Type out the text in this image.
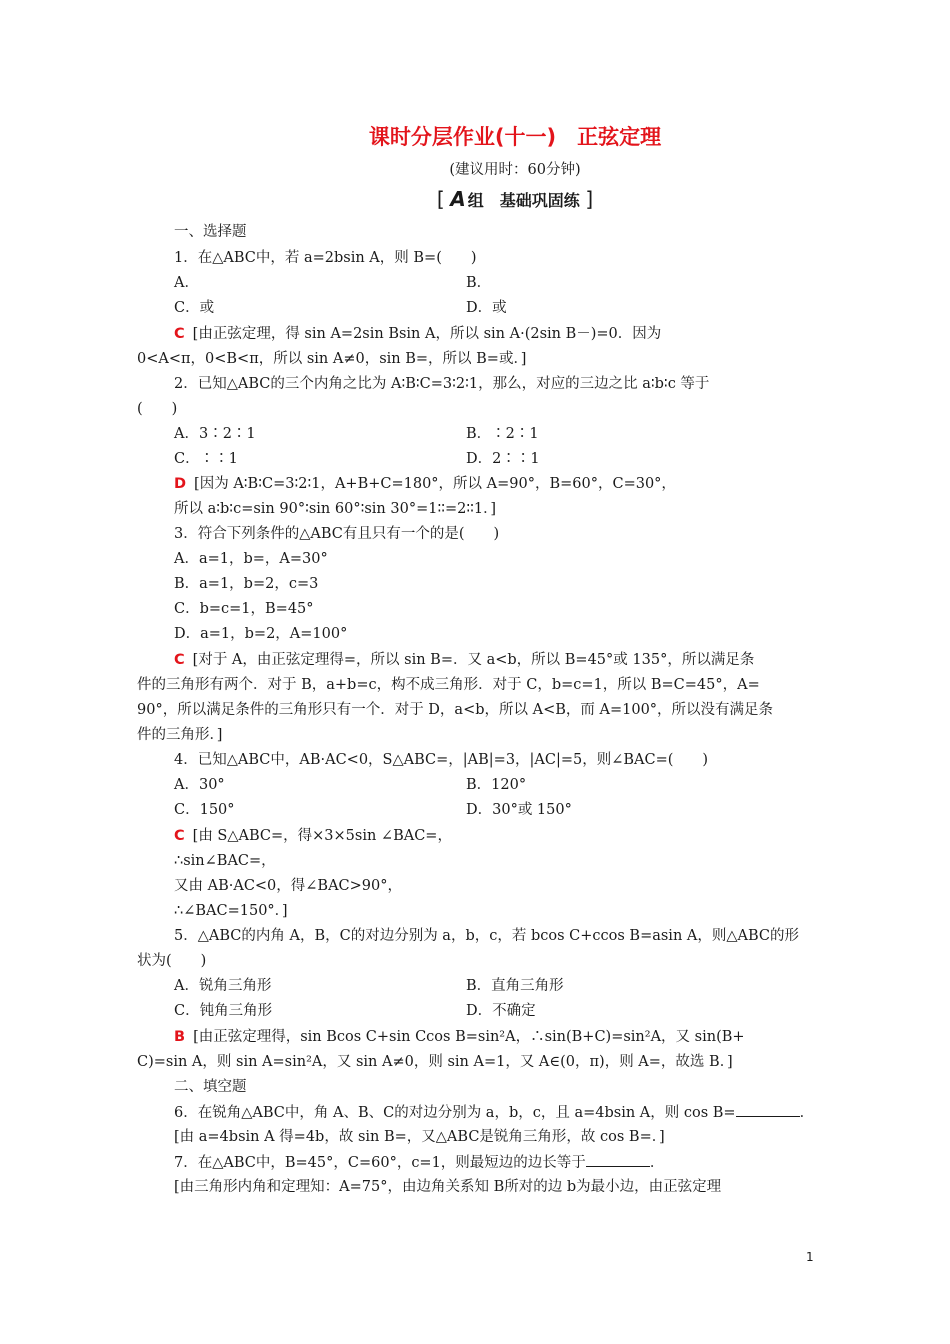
课时分层作业(十一)　正弦定理
(建议用时：60分钟)
[ A 组　基础巩固练 ]
一、选择题
1．在△ABC中，若 a=2bsin A，则 B=(　　)
A．	B．
C．或	D．或
C [由正弦定理，得 sin A=2sin Bsin A，所以 sin A·(2sin B－)=0．因为
0<A<π，0<B<π，所以 sin A≠0，sin B=，所以 B=或．]
2．已知△ABC的三个内角之比为 A∶B∶C=3∶2∶1，那么，对应的三边之比 a∶b∶c 等于
(　　)
A．3∶2∶1	B．∶2∶1
C．∶∶1	D．2∶∶1
D [因为 A∶B∶C=3∶2∶1，A+B+C=180°，所以 A=90°，B=60°，C=30°，
所以 a∶b∶c=sin 90°∶sin 60°∶sin 30°=1∶∶=2∶∶1．]
3．符合下列条件的△ABC有且只有一个的是(　　)
A．a=1，b=，A=30°
B．a=1，b=2，c=3
C．b=c=1，B=45°
D．a=1，b=2，A=100°
C [对于 A，由正弦定理得=，所以 sin B=．又 a<b，所以 B=45°或 135°，所以满足条
件的三角形有两个．对于 B，a+b=c，构不成三角形．对于 C，b=c=1，所以 B=C=45°，A=
90°，所以满足条件的三角形只有一个．对于 D，a<b，所以 A<B，而 A=100°，所以没有满足条
件的三角形．]
4．已知△ABC中，AB·AC<0，S△ABC=，|AB|=3，|AC|=5，则∠BAC=(　　)
A．30°	B．120°
C．150°	D．30°或 150°
C [由 S△ABC=，得×3×5sin ∠BAC=，
∴sin∠BAC=，
又由 AB·AC<0，得∠BAC>90°，
∴∠BAC=150°．]
5．△ABC的内角 A，B，C的对边分别为 a，b，c，若 bcos C+ccos B=asin A，则△ABC的形
状为(　　)
A．锐角三角形	B．直角三角形
C．钝角三角形	D．不确定
B [由正弦定理得，sin Bcos C+sin Ccos B=sin²A，∴sin(B+C)=sin²A，又 sin(B+
C)=sin A，则 sin A=sin²A，又 sin A≠0，则 sin A=1，又 A∈(0，π)，则 A=，故选 B．]
二、填空题
6．在锐角△ABC中，角 A、B、C的对边分别为 a，b，c，且 a=4bsin A，则 cos B=	．
[由 a=4bsin A 得=4b，故 sin B=，又△ABC是锐角三角形，故 cos B=．]
7．在△ABC中，B=45°，C=60°，c=1，则最短边的边长等于	．
[由三角形内角和定理知：A=75°，由边角关系知 B所对的边 b为最小边，由正弦定理
1
